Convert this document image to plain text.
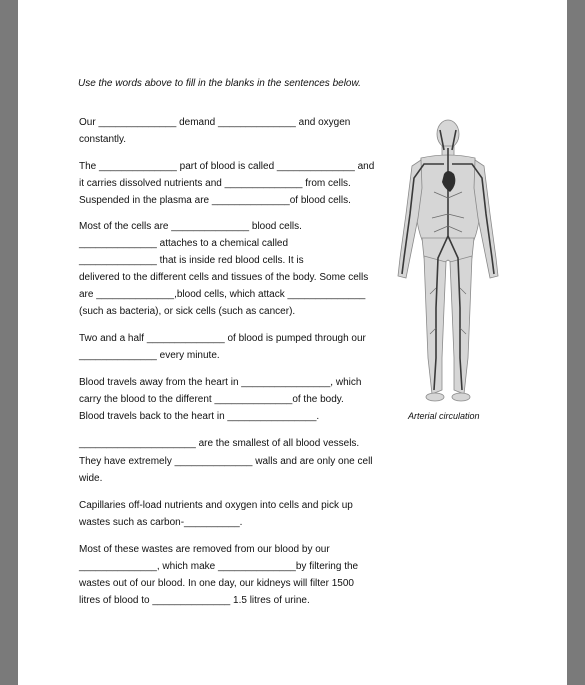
Use the words above to fill in the blanks in the sentences below.
Our ______________ demand ______________ and oxygen
constantly.
The ______________ part of blood is called ______________ and
it carries dissolved nutrients and ______________ from cells.
Suspended in the plasma are ______________of blood cells.
Most of the cells are ______________ blood cells.
______________ attaches to a chemical called
______________ that is inside red blood cells. It is
delivered to the different cells and tissues of the body. Some cells
are ______________,blood cells, which attack ______________
(such as bacteria), or sick cells (such as cancer).
Two and a half ______________ of blood is pumped through our
______________ every minute.
Blood travels away from the heart in ________________, which
carry the blood to the different ______________of the body.
Blood travels back to the heart in ________________.
_____________________ are the smallest of all blood vessels.
They have extremely ______________ walls and are only one cell
wide.
Capillaries off-load nutrients and oxygen into cells and pick up
wastes such as carbon-__________.
Most of these wastes are removed from our blood by our
______________, which make ______________by filtering the
wastes out of our blood. In one day, our kidneys will filter 1500
litres of blood to ______________ 1.5 litres of urine.
Arterial circulation
